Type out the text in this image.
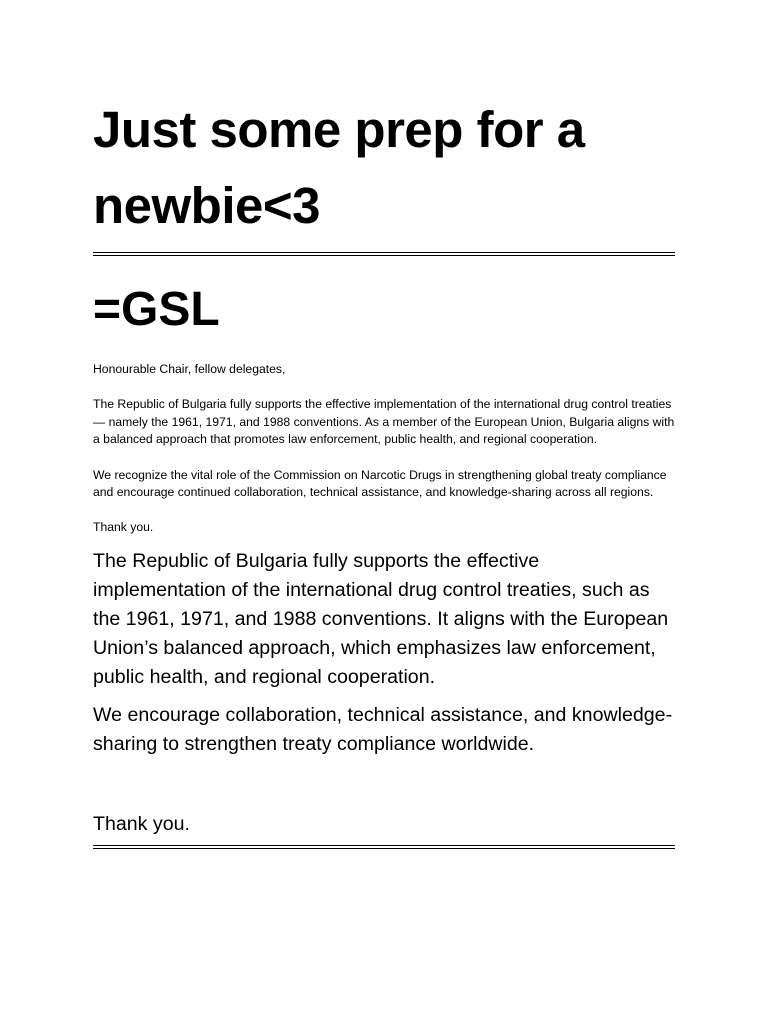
Just some prep for a newbie<3
=GSL

Honourable Chair, fellow delegates,

The Republic of Bulgaria fully supports the effective implementation of the international drug control treaties — namely the 1961, 1971, and 1988 conventions. As a member of the European Union, Bulgaria aligns with a balanced approach that promotes law enforcement, public health, and regional cooperation.

We recognize the vital role of the Commission on Narcotic Drugs in strengthening global treaty compliance and encourage continued collaboration, technical assistance, and knowledge-sharing across all regions.

Thank you.

The Republic of Bulgaria fully supports the effective implementation of the international drug control treaties, such as the 1961, 1971, and 1988 conventions. It aligns with the European Union’s balanced approach, which emphasizes law enforcement, public health, and regional cooperation.

We encourage collaboration, technical assistance, and knowledge-sharing to strengthen treaty compliance worldwide.

Thank you.
